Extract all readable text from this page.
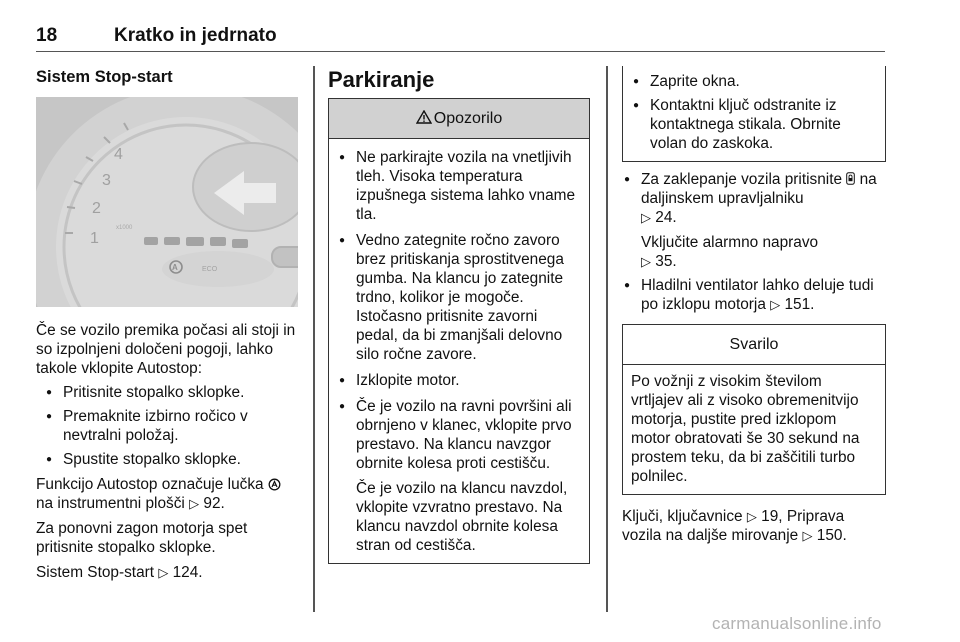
18	Kratko in jedrnato
Sistem Stop-start
4
3
2
1
x1000
A	ECO

Če se vozilo premika počasi ali stoji in so izpolnjeni določeni pogoji, lahko takole vklopite Autostop:

● Pritisnite stopalko sklopke.
● Premaknite izbirno ročico v nevtralni položaj.
● Spustite stopalko sklopke.

Funkcijo Autostop označuje lučka  na instrumentni plošči ▷ 92.

Za ponovni zagon motorja spet pritisnite stopalko sklopke.

Sistem Stop-start ▷ 124.

Parkiranje
Opozorilo
● Ne parkirajte vozila na vnetljivih tleh. Visoka temperatura izpušnega sistema lahko vname tla.
● Vedno zategnite ročno zavoro brez pritiskanja sprostitvenega gumba. Na klancu jo zategnite trdno, kolikor je mogoče. Istočasno pritisnite zavorni pedal, da bi zmanjšali delovno silo ročne zavore.
● Izklopite motor.
● Če je vozilo na ravni površini ali obrnjeno v klanec, vklopite prvo prestavo. Na klancu navzgor obrnite kolesa proti cestišču.
Če je vozilo na klancu navzdol, vklopite vzvratno prestavo. Na klancu navzdol obrnite kolesa stran od cestišča.
● Zaprite okna.
● Kontaktni ključ odstranite iz kontaktnega stikala. Obrnite volan do zaskoka.
● Za zaklepanje vozila pritisnite na daljinskem upravljalniku
▷ 24.
Vključite alarmno napravo
▷ 35.
● Hladilni ventilator lahko deluje tudi po izklopu motorja ▷ 151.
Svarilo
Po vožnji z visokim številom vrtljajev ali z visoko obremenitvijo motorja, pustite pred izklopom motor obratovati še 30 sekund na prostem teku, da bi zaščitili turbo polnilec.

Ključi, ključavnice ▷ 19, Priprava vozila na daljše mirovanje ▷ 150.

carmanualsonline.info
